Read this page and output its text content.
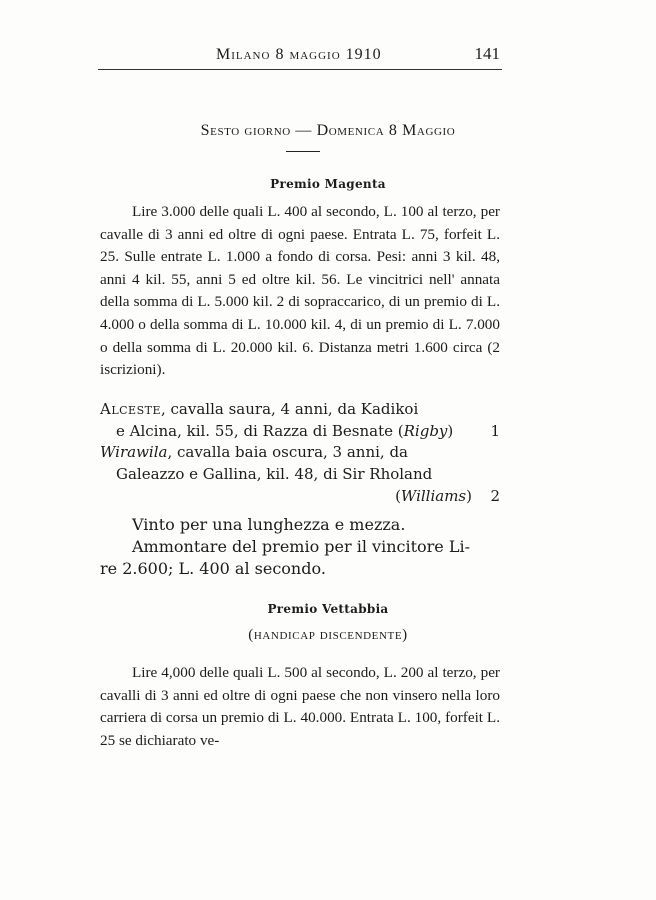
Milano 8 maggio 1910	141
Sesto giorno — Domenica 8 Maggio
Premio Magenta

Lire 3.000 delle quali L. 400 al secondo, L. 100 al terzo, per cavalle di 3 anni ed oltre di ogni paese. Entrata L. 75, forfeit L. 25. Sulle entrate L. 1.000 a fondo di corsa. Pesi: anni 3 kil. 48, anni 4 kil. 55, anni 5 ed oltre kil. 56. Le vincitrici nell' annata della somma di L. 5.000 kil. 2 di sopraccarico, di un premio di L. 4.000 o della somma di L. 10.000 kil. 4, di un premio di L. 7.000 o della somma di L. 20.000 kil. 6. Distanza metri 1.600 circa (2 iscrizioni).

Alceste, cavalla saura, 4 anni, da Kadikoi
e Alcina, kil. 55, di Razza di Besnate (Rigby) 1
Wirawila, cavalla baia oscura, 3 anni, da
Galeazzo e Gallina, kil. 48, di Sir Rholand
(Williams) 2
Vinto per una lunghezza e mezza.
Ammontare del premio per il vincitore Li-
re 2.600; L. 400 al secondo.
Premio Vettabbia
(handicap discendente)

Lire 4,000 delle quali L. 500 al secondo, L. 200 al terzo, per cavalli di 3 anni ed oltre di ogni paese che non vinsero nella loro carriera di corsa un premio di L. 40.000. Entrata L. 100, forfeit L. 25 se dichiarato ve-
